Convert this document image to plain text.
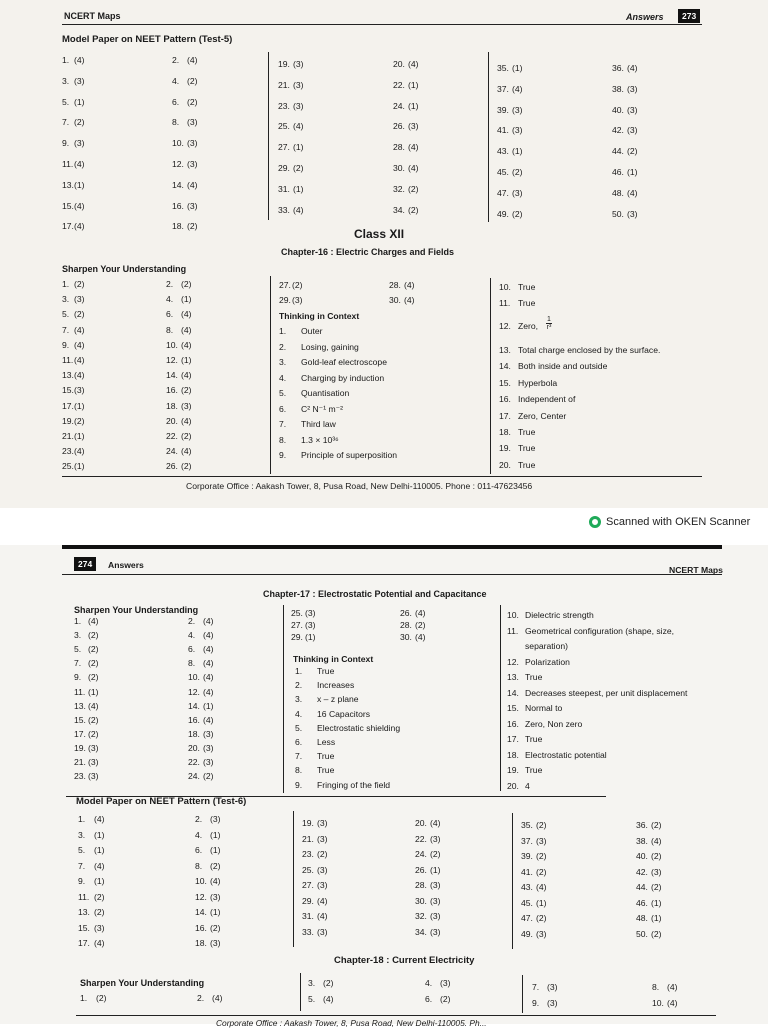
NCERT Maps	Answers	273
Model Paper on NEET Pattern (Test-5)
1. (4)	2. (4)
3. (3)	4. (2)
5. (1)	6. (2)
7. (2)	8. (3)
9. (3)	10. (3)
11. (4)	12. (3)
13. (1)	14. (4)
15. (4)	16. (3)
17. (4)	18. (2)
19. (3)	20. (4)
21. (3)	22. (1)
23. (3)	24. (1)
25. (4)	26. (3)
27. (1)	28. (4)
29. (2)	30. (4)
31. (1)	32. (2)
33. (4)	34. (2)
35. (1)	36. (4)
37. (4)	38. (3)
39. (3)	40. (3)
41. (3)	42. (3)
43. (1)	44. (2)
45. (2)	46. (1)
47. (3)	48. (4)
49. (2)	50. (3)
Class XII
Chapter-16 : Electric Charges and Fields
Sharpen Your Understanding
1. (2)	2. (2)
3. (3)	4. (1)
5. (2)	6. (4)
7. (4)	8. (4)
9. (4)	10. (4)
11. (4)	12. (1)
13. (4)	14. (4)
15. (3)	16. (2)
17. (1)	18. (3)
19. (2)	20. (4)
21. (1)	22. (2)
23. (4)	24. (4)
25. (1)	26. (2)
27. (2)	28. (4)
29. (3)	30. (4)
Thinking in Context
1. Outer
2. Losing, gaining
3. Gold-leaf electroscope
4. Charging by induction
5. Quantisation
6. C² N⁻¹ m⁻²
7. Third law
8. 1.3 × 10³⁶
9. Principle of superposition
10. True
11. True
12. Zero, $\frac{1}{\text{r³}}$
13. Total charge enclosed by the surface.
14. Both inside and outside
15. Hyperbola
16. Independent of
17. Zero, Center
18. True
19. True
20. True
Corporate Office : Aakash Tower, 8, Pusa Road, New Delhi-110005. Phone : 011-47623456
Scanned with OKEN Scanner
274	Answers	NCERT Maps
Chapter-17 : Electrostatic Potential and Capacitance
Sharpen Your Understanding
1. (4)	2. (4)
3. (2)	4. (4)
5. (2)	6. (4)
7. (2)	8. (4)
9. (2)	10. (4)
11. (1)	12. (4)
13. (4)	14. (1)
15. (2)	16. (4)
17. (2)	18. (3)
19. (3)	20. (3)
21. (3)	22. (3)
23. (3)	24. (2)
25. (3)	26. (4)
27. (3)	28. (2)
29. (1)	30. (4)
Thinking in Context
1. True
2. Increases
3. x – z plane
4. 16 Capacitors
5. Electrostatic shielding
6. Less
7. True
8. True
9. Fringing of the field
10. Dielectric strength
11. Geometrical configuration (shape, size,
separation)
12. Polarization
13. True
14. Decreases steepest, per unit displacement
15. Normal to
16. Zero, Non zero
17. True
18. Electrostatic potential
19. True
20. 4
Model Paper on NEET Pattern (Test-6)
1. (4)	2. (3)
3. (1)	4. (1)
5. (1)	6. (1)
7. (4)	8. (2)
9. (1)	10. (4)
11. (2)	12. (3)
13. (2)	14. (1)
15. (3)	16. (2)
17. (4)	18. (3)
19. (3)	20. (4)
21. (3)	22. (3)
23. (2)	24. (2)
25. (3)	26. (1)
27. (3)	28. (3)
29. (4)	30. (3)
31. (4)	32. (3)
33. (3)	34. (3)
35. (2)	36. (2)
37. (3)	38. (4)
39. (2)	40. (2)
41. (2)	42. (3)
43. (4)	44. (2)
45. (1)	46. (1)
47. (2)	48. (1)
49. (3)	50. (2)
Chapter-18 : Current Electricity
Sharpen Your Understanding
1. (2)	2. (4)
3. (2)	4. (3)
5. (4)	6. (2)
7. (3)	8. (4)
9. (3)	10. (4)
Corporate Office : Aakash Tower, 8, Pusa Road, New Delhi-110005. Ph...
